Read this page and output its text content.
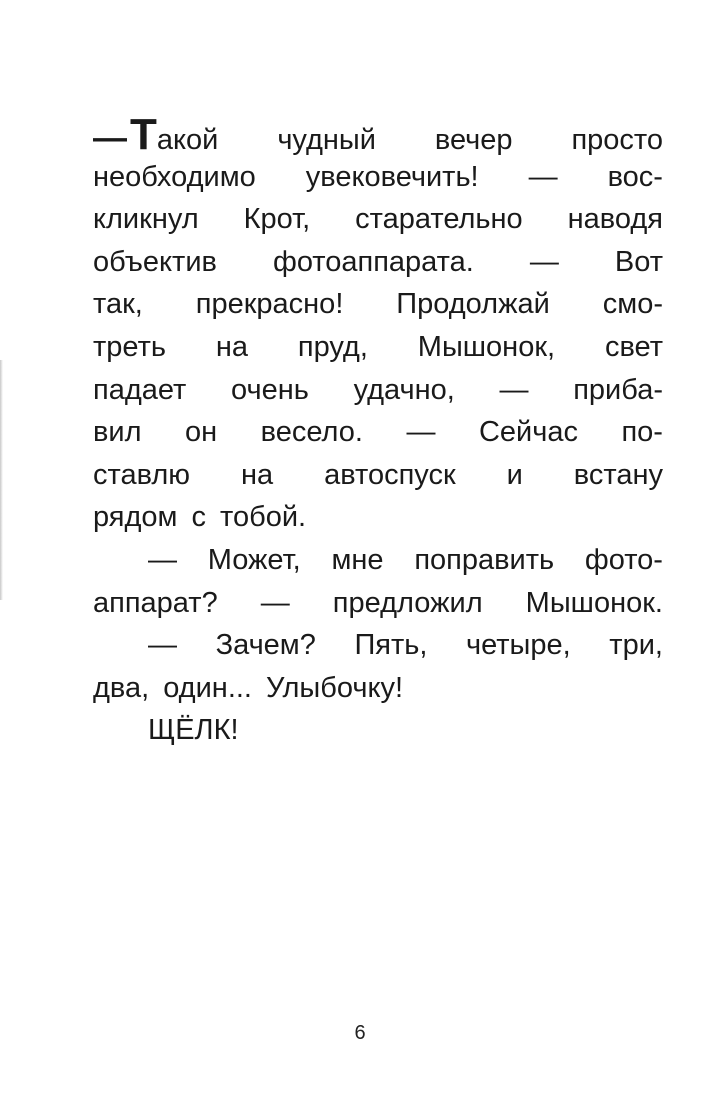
— Т акой чудный вечер просто
необходимо увековечить! — вос-
кликнул Крот, старательно наводя
объектив фотоаппарата. — Вот
так, прекрасно! Продолжай смо-
треть на пруд, Мышонок, свет
падает очень удачно, — приба-
вил он весело. — Сейчас по-
ставлю на автоспуск и встану
рядом с тобой.
— Может, мне поправить фото-
аппарат? — предложил Мышонок.
— Зачем? Пять, четыре, три,
два, один... Улыбочку!
ЩЁЛК!
6
